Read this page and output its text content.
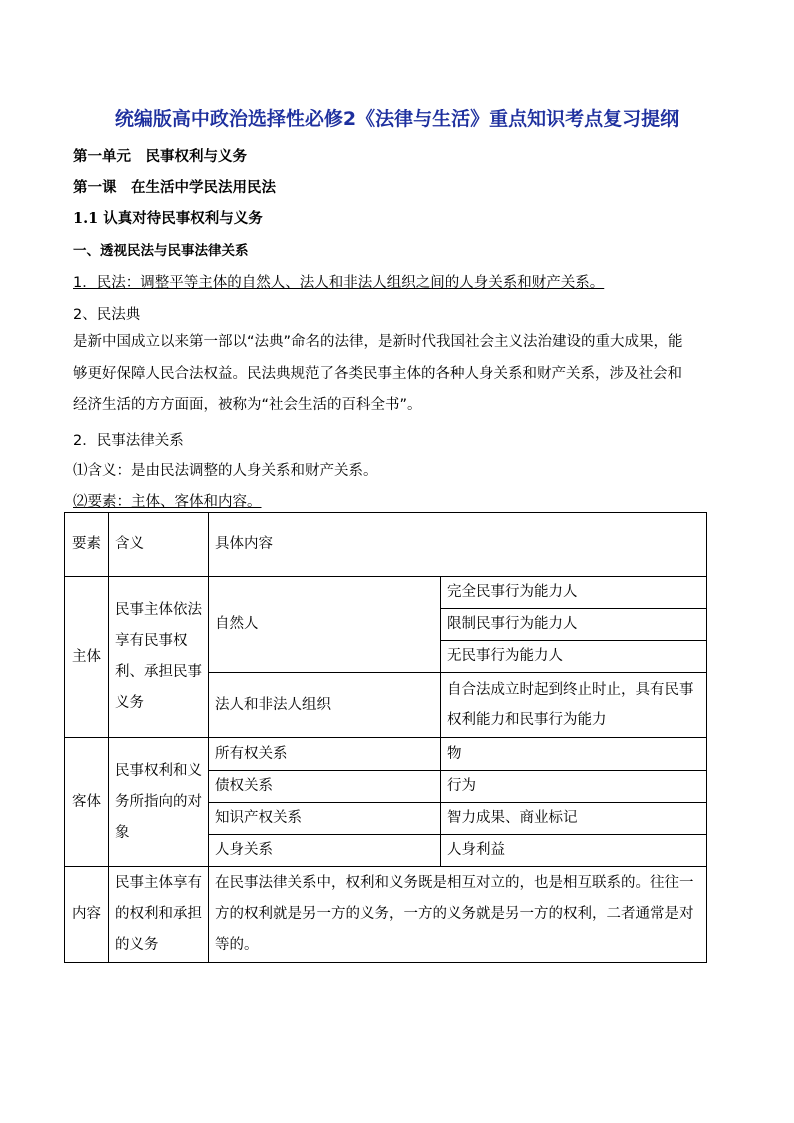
统编版高中政治选择性必修2《法律与生活》重点知识考点复习提纲
第一单元　民事权利与义务
第一课　在生活中学民法用民法
1.1 认真对待民事权利与义务
一、透视民法与民事法律关系
1．民法：调整平等主体的自然人、法人和非法人组织之间的人身关系和财产关系。
2、民法典
是新中国成立以来第一部以“法典”命名的法律，是新时代我国社会主义法治建设的重大成果，能够更好保障人民合法权益。民法典规范了各类民事主体的各种人身关系和财产关系，涉及社会和经济生活的方方面面，被称为“社会生活的百科全书”。
2．民事法律关系
⑴含义：是由民法调整的人身关系和财产关系。
⑵要素：主体、客体和内容。
要素	含义	具体内容	
主体	民事主体依法享有民事权利、承担民事义务	自然人	完全民事行为能力人
			限制民事行为能力人
			无民事行为能力人
		法人和非法人组织	自合法成立时起到终止时止，具有民事权利能力和民事行为能力
客体	民事权利和义务所指向的对象	所有权关系	物
		债权关系	行为
		知识产权关系	智力成果、商业标记
		人身关系	人身利益
内容	民事主体享有的权利和承担的义务	在民事法律关系中，权利和义务既是相互对立的，也是相互联系的。往往一方的权利就是另一方的义务，一方的义务就是另一方的权利，二者通常是对等的。	
